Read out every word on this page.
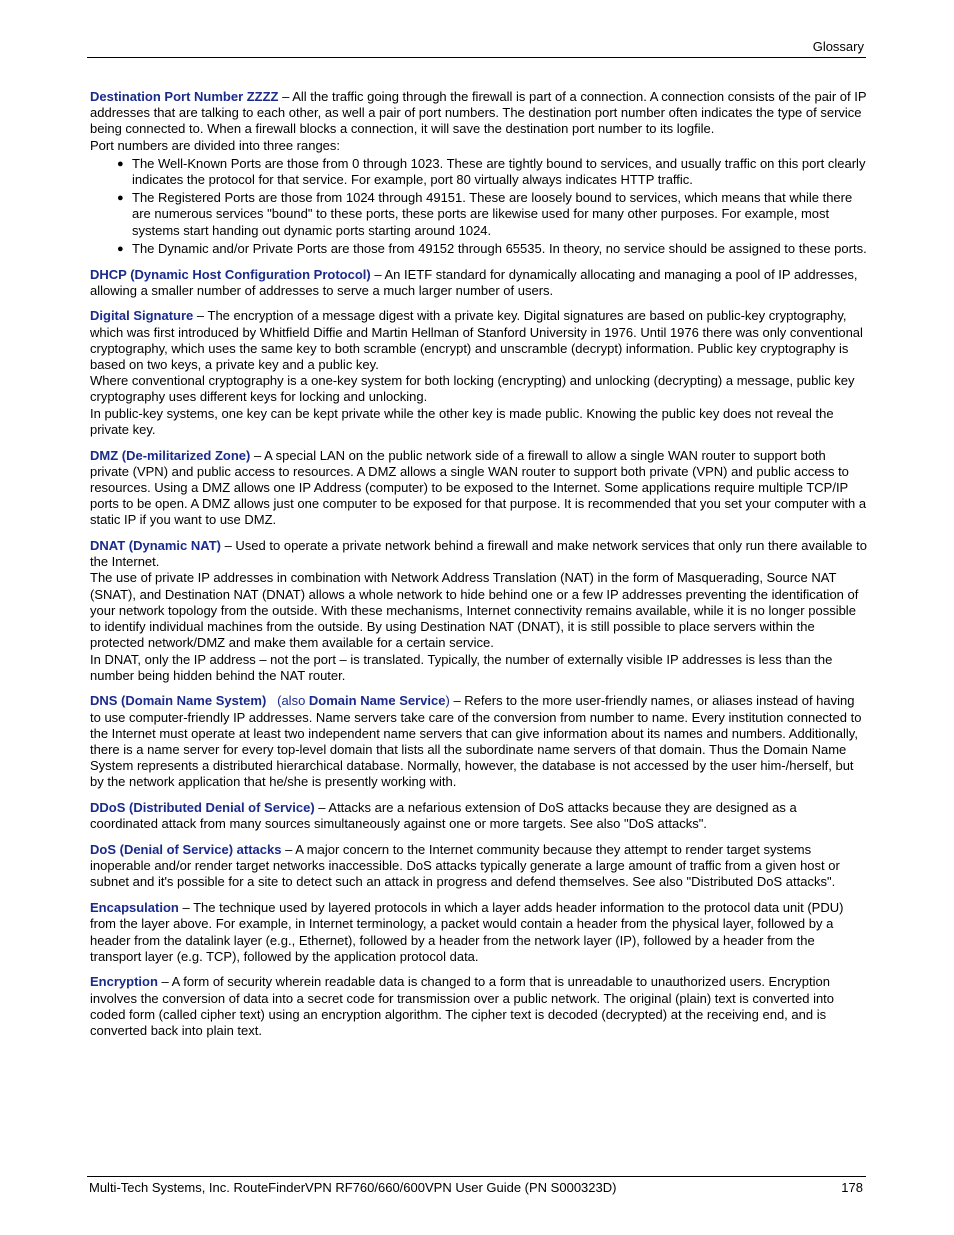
Glossary

Destination Port Number ZZZZ – All the traffic going through the firewall is part of a connection. A connection consists of the pair of IP addresses that are talking to each other, as well a pair of port numbers. The destination port number often indicates the type of service being connected to. When a firewall blocks a connection, it will save the destination port number to its logfile.

Port numbers are divided into three ranges:

● The Well-Known Ports are those from 0 through 1023. These are tightly bound to services, and usually traffic on this port clearly indicates the protocol for that service. For example, port 80 virtually always indicates HTTP traffic.
● The Registered Ports are those from 1024 through 49151. These are loosely bound to services, which means that while there are numerous services "bound" to these ports, these ports are likewise used for many other purposes. For example, most systems start handing out dynamic ports starting around 1024.
● The Dynamic and/or Private Ports are those from 49152 through 65535. In theory, no service should be assigned to these ports.

DHCP (Dynamic Host Configuration Protocol) – An IETF standard for dynamically allocating and managing a pool of IP addresses, allowing a smaller number of addresses to serve a much larger number of users.

Digital Signature – The encryption of a message digest with a private key. Digital signatures are based on public-key cryptography, which was first introduced by Whitfield Diffie and Martin Hellman of Stanford University in 1976. Until 1976 there was only conventional cryptography, which uses the same key to both scramble (encrypt) and unscramble (decrypt) information. Public key cryptography is based on two keys, a private key and a public key.

Where conventional cryptography is a one-key system for both locking (encrypting) and unlocking (decrypting) a message, public key cryptography uses different keys for locking and unlocking.

In public-key systems, one key can be kept private while the other key is made public. Knowing the public key does not reveal the private key.

DMZ (De-militarized Zone) – A special LAN on the public network side of a firewall to allow a single WAN router to support both private (VPN) and public access to resources. A DMZ allows a single WAN router to support both private (VPN) and public access to resources. Using a DMZ allows one IP Address (computer) to be exposed to the Internet. Some applications require multiple TCP/IP ports to be open. A DMZ allows just one computer to be exposed for that purpose. It is recommended that you set your computer with a static IP if you want to use DMZ.

DNAT (Dynamic NAT) – Used to operate a private network behind a firewall and make network services that only run there available to the Internet.

The use of private IP addresses in combination with Network Address Translation (NAT) in the form of Masquerading, Source NAT (SNAT), and Destination NAT (DNAT) allows a whole network to hide behind one or a few IP addresses preventing the identification of your network topology from the outside. With these mechanisms, Internet connectivity remains available, while it is no longer possible to identify individual machines from the outside. By using Destination NAT (DNAT), it is still possible to place servers within the protected network/DMZ and make them available for a certain service.

In DNAT, only the IP address – not the port – is translated. Typically, the number of externally visible IP addresses is less than the number being hidden behind the NAT router.

DNS (Domain Name System)   (also Domain Name Service) – Refers to the more user-friendly names, or aliases instead of having to use computer-friendly IP addresses. Name servers take care of the conversion from number to name. Every institution connected to the Internet must operate at least two independent name servers that can give information about its names and numbers. Additionally, there is a name server for every top-level domain that lists all the subordinate name servers of that domain. Thus the Domain Name System represents a distributed hierarchical database. Normally, however, the database is not accessed by the user him-/herself, but by the network application that he/she is presently working with.

DDoS (Distributed Denial of Service) – Attacks are a nefarious extension of DoS attacks because they are designed as a coordinated attack from many sources simultaneously against one or more targets. See also "DoS attacks".

DoS (Denial of Service) attacks – A major concern to the Internet community because they attempt to render target systems inoperable and/or render target networks inaccessible. DoS attacks typically generate a large amount of traffic from a given host or subnet and it's possible for a site to detect such an attack in progress and defend themselves. See also "Distributed DoS attacks".

Encapsulation – The technique used by layered protocols in which a layer adds header information to the protocol data unit (PDU) from the layer above. For example, in Internet terminology, a packet would contain a header from the physical layer, followed by a header from the datalink layer (e.g., Ethernet), followed by a header from the network layer (IP), followed by a header from the transport layer (e.g. TCP), followed by the application protocol data.

Encryption – A form of security wherein readable data is changed to a form that is unreadable to unauthorized users. Encryption involves the conversion of data into a secret code for transmission over a public network. The original (plain) text is converted into coded form (called cipher text) using an encryption algorithm. The cipher text is decoded (decrypted) at the receiving end, and is converted back into plain text.

Multi-Tech Systems, Inc. RouteFinderVPN RF760/660/600VPN User Guide (PN S000323D)	178
